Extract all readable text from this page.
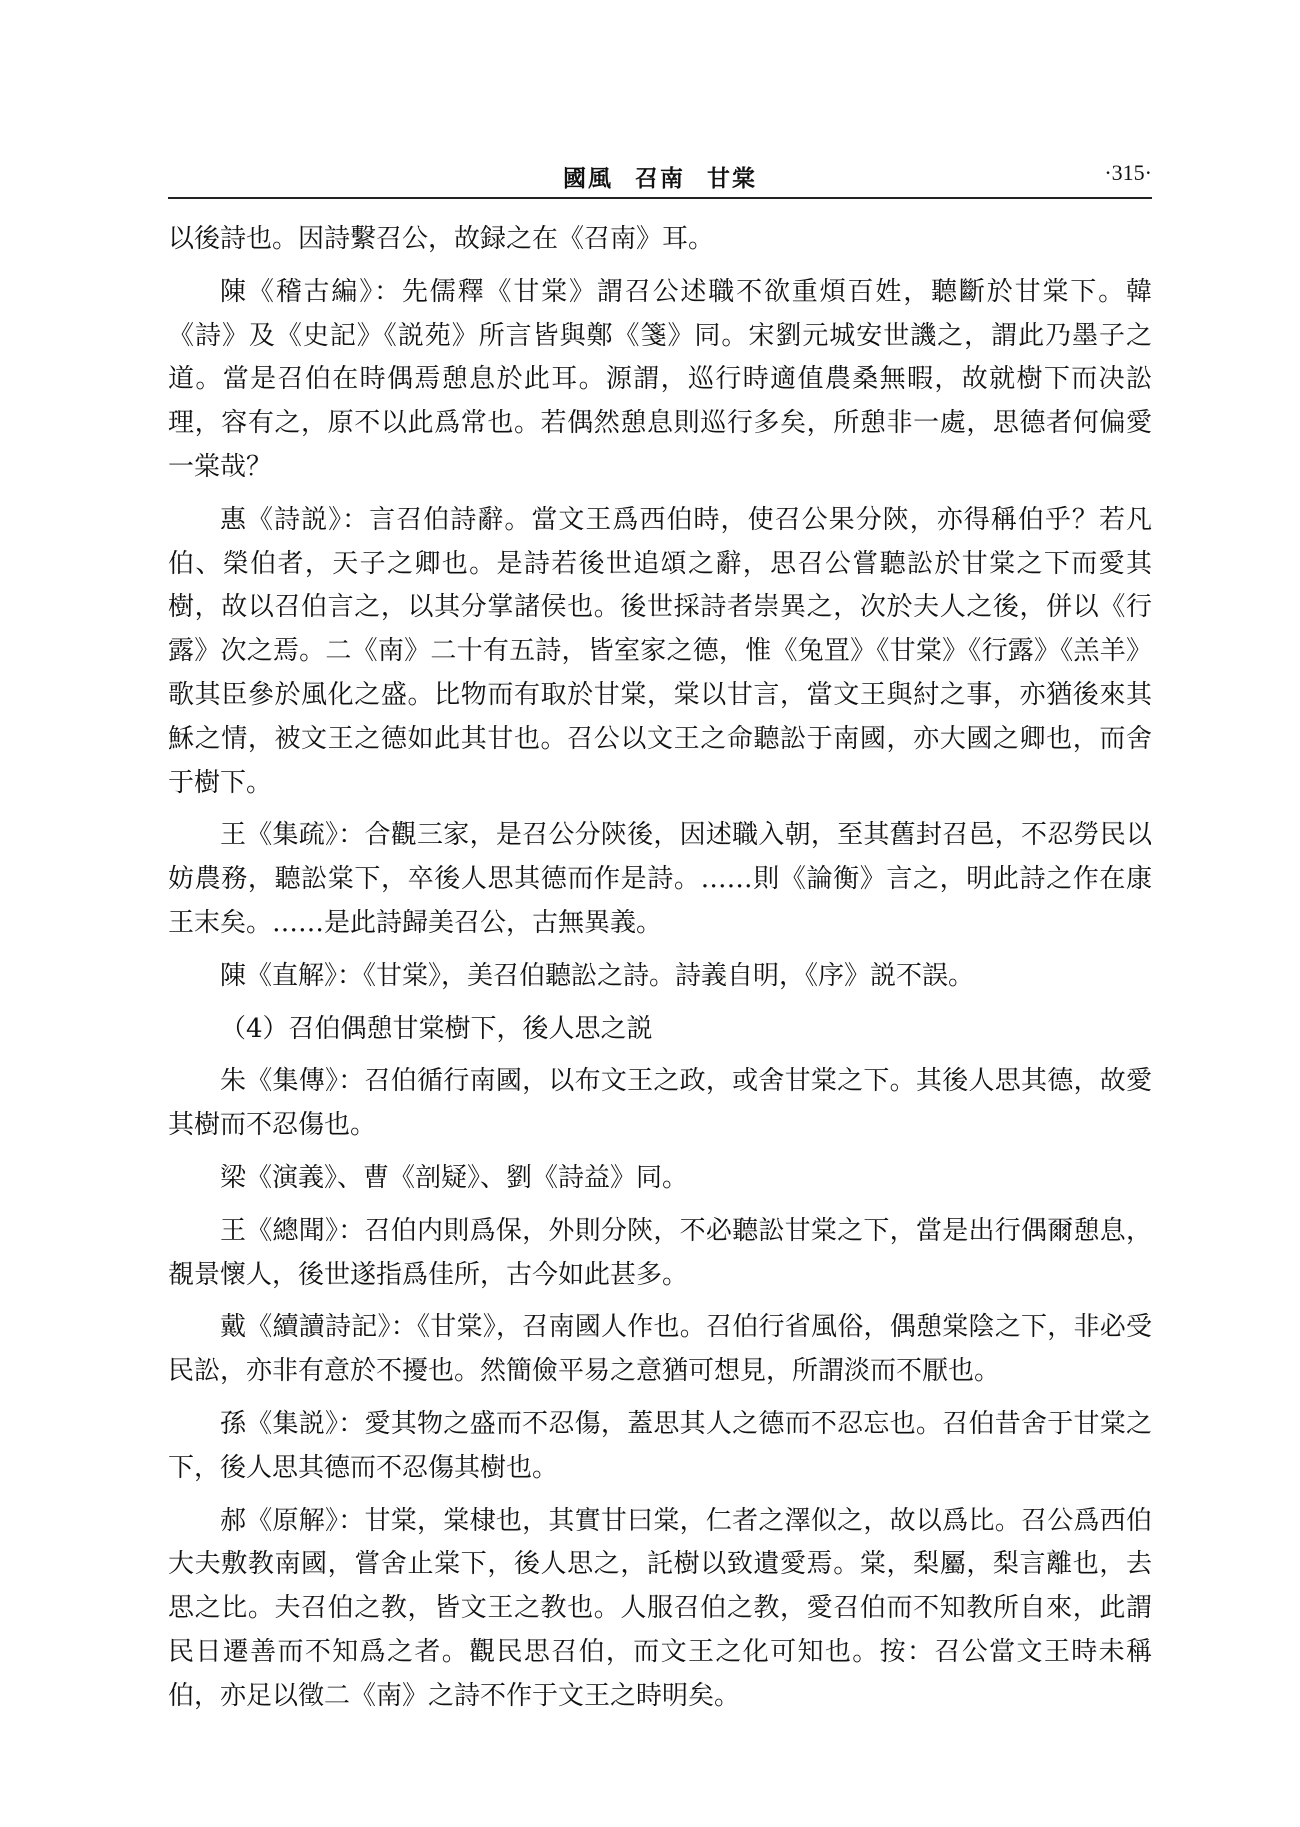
國風 召南 甘棠	·315·

以後詩也。因詩繫召公，故録之在《召南》耳。

陳《稽古編》：先儒釋《甘棠》謂召公述職不欲重煩百姓，聽斷於甘棠下。韓《詩》及《史記》《説苑》所言皆與鄭《箋》同。宋劉元城安世譏之，謂此乃墨子之道。當是召伯在時偶焉憩息於此耳。源謂，巡行時適值農桑無暇，故就樹下而决訟理，容有之，原不以此爲常也。若偶然憩息則巡行多矣，所憩非一處，思德者何偏愛一棠哉？

惠《詩説》：言召伯詩辭。當文王爲西伯時，使召公果分陝，亦得稱伯乎？若凡伯、榮伯者，天子之卿也。是詩若後世追頌之辭，思召公嘗聽訟於甘棠之下而愛其樹，故以召伯言之，以其分掌諸侯也。後世採詩者崇異之，次於夫人之後，併以《行露》次之焉。二《南》二十有五詩，皆室家之德，惟《兔罝》《甘棠》《行露》《羔羊》歌其臣參於風化之盛。比物而有取於甘棠，棠以甘言，當文王與紂之事，亦猶後來其穌之情，被文王之德如此其甘也。召公以文王之命聽訟于南國，亦大國之卿也，而舍于樹下。

王《集疏》：合觀三家，是召公分陝後，因述職入朝，至其舊封召邑，不忍勞民以妨農務，聽訟棠下，卒後人思其德而作是詩。……則《論衡》言之，明此詩之作在康王末矣。……是此詩歸美召公，古無異義。

陳《直解》：《甘棠》，美召伯聽訟之詩。詩義自明，《序》説不誤。

（4）召伯偶憩甘棠樹下，後人思之説

朱《集傳》：召伯循行南國，以布文王之政，或舍甘棠之下。其後人思其德，故愛其樹而不忍傷也。

梁《演義》、曹《剖疑》、劉《詩益》同。

王《總聞》：召伯内則爲保，外則分陝，不必聽訟甘棠之下，當是出行偶爾憩息，覩景懷人，後世遂指爲佳所，古今如此甚多。

戴《續讀詩記》：《甘棠》，召南國人作也。召伯行省風俗，偶憩棠陰之下，非必受民訟，亦非有意於不擾也。然簡儉平易之意猶可想見，所謂淡而不厭也。

孫《集説》：愛其物之盛而不忍傷，蓋思其人之德而不忍忘也。召伯昔舍于甘棠之下，後人思其德而不忍傷其樹也。

郝《原解》：甘棠，棠棣也，其實甘曰棠，仁者之澤似之，故以爲比。召公爲西伯大夫敷教南國，嘗舍止棠下，後人思之，託樹以致遺愛焉。棠，梨屬，梨言離也，去思之比。夫召伯之教，皆文王之教也。人服召伯之教，愛召伯而不知教所自來，此謂民日遷善而不知爲之者。觀民思召伯，而文王之化可知也。按：召公當文王時未稱伯，亦足以徵二《南》之詩不作于文王之時明矣。
